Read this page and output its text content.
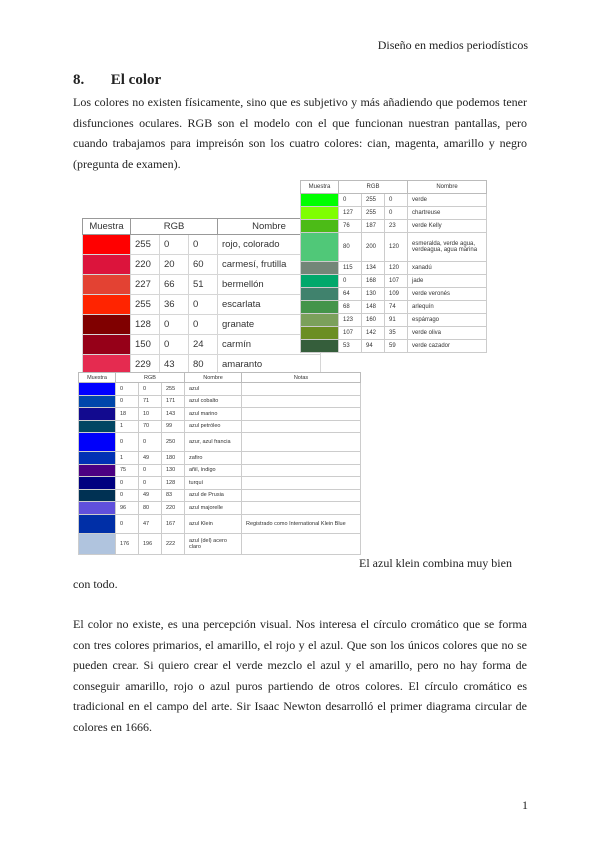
Diseño en medios periodísticos
8. El color
Los colores no existen físicamente, sino que es subjetivo y más añadiendo que podemos tener disfunciones oculares. RGB son el modelo con el que funcionan nuestran pantallas, pero cuando trabajamos para impreisón son los cuatro colores: cian, magenta, amarillo y negro (pregunta de examen).
Muestra	RGB			Nombre
	255	0	0	rojo, colorado
	220	20	60	carmesí, frutilla
	227	66	51	bermellón
	255	36	0	escarlata
	128	0	0	granate
	150	0	24	carmín
	229	43	80	amaranto
Muestra	RGB			Nombre
	0	255	0	verde
	127	255	0	chartreuse
	76	187	23	verde Kelly
	80	200	120	esmeralda, verde agua, verdeagua, agua marina
	115	134	120	xanadú
	0	168	107	jade
	64	130	109	verde veronés
	68	148	74	arlequín
	123	160	91	espárrago
	107	142	35	verde oliva
	53	94	59	verde cazador
Muestra	RGB			Nombre	Notas
	0	0	255	azul	
	0	71	171	azul cobalto	
	18	10	143	azul marino	
	1	70	99	azul petróleo	
	0	0	250	azur, azul francia	
	1	49	180	zafiro	
	75	0	130	añil, índigo	
	0	0	128	turquí	
	0	49	83	azul de Prusia	
	96	80	220	azul majorelle	
	0	47	167	azul Klein	Registrado como International Klein Blue
	176	196	222	azul (del) acero claro	
El azul klein combina muy bien con todo.
El color no existe, es una percepción visual. Nos interesa el círculo cromático que se forma con tres colores primarios, el amarillo, el rojo y el azul. Que son los únicos colores que no se pueden crear. Si quiero crear el verde mezclo el azul y el amarillo, pero no hay forma de conseguir amarillo, rojo o azul puros partiendo de otros colores. El círculo cromático es tradicional en el campo del arte. Sir Isaac Newton desarrolló el primer diagrama circular de colores en 1666.
1
